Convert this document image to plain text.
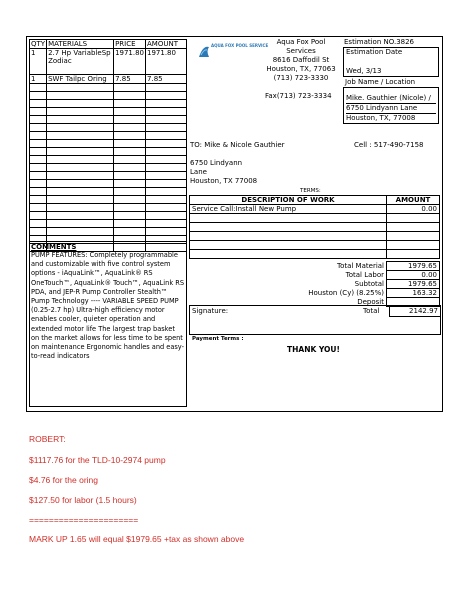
QTY	MATERIALS	PRICE	AMOUNT
1	2.7 Hp VariableSp Zodiac	1971.80	1971.80
1	SWF Tailpc Oring	7.85	7.85

COMMENTS
PUMP FEATURES: Completely programmable and customizable with five control system options - iAquaLink™, AquaLink® RS OneTouch™, AquaLink® Touch™, AquaLink RS PDA, and JEP-R Pump Controller Stealth™ Pump Technology ---- VARIABLE SPEED PUMP (0.25-2.7 hp) Ultra-high efficiency motor enables cooler, quieter operation and extended motor life The largest trap basket on the market allows for less time to be spent on maintenance Ergonomic handles and easy-to-read indicators
AQUA FOX POOL SERVICE	Aqua Fox Pool Services
8616 Daffodil St
Houston, TX, 77063
(713) 723-3330
Fax(713) 723-3334
Estimation NO.3826
Estimation Date
Wed, 3/13
Job Name / Location
Mike. Gauthier (Nicole) /
6750 Lindyann Lane
Houston, TX, 77008
TO: Mike & Nicole Gauthier
6750 Lindyann Lane
Houston, TX 77008
Cell : 517-490-7158
TERMS:
DESCRIPTION OF WORK	AMOUNT
Service Call:Install New Pump	0.00

Total Material	1979.65
Total Labor	0.00
Subtotal	1979.65
Houston (Cy) (8.25%)	163.32
Deposit	
Signature:	Total	2142.97
Payment Terms :
THANK YOU!
ROBERT:
$1117.76 for the TLD-10-2974 pump
$4.76 for the oring
$127.50 for labor (1.5 hours)
======================
MARK UP 1.65 will equal $1979.65 +tax as shown above
